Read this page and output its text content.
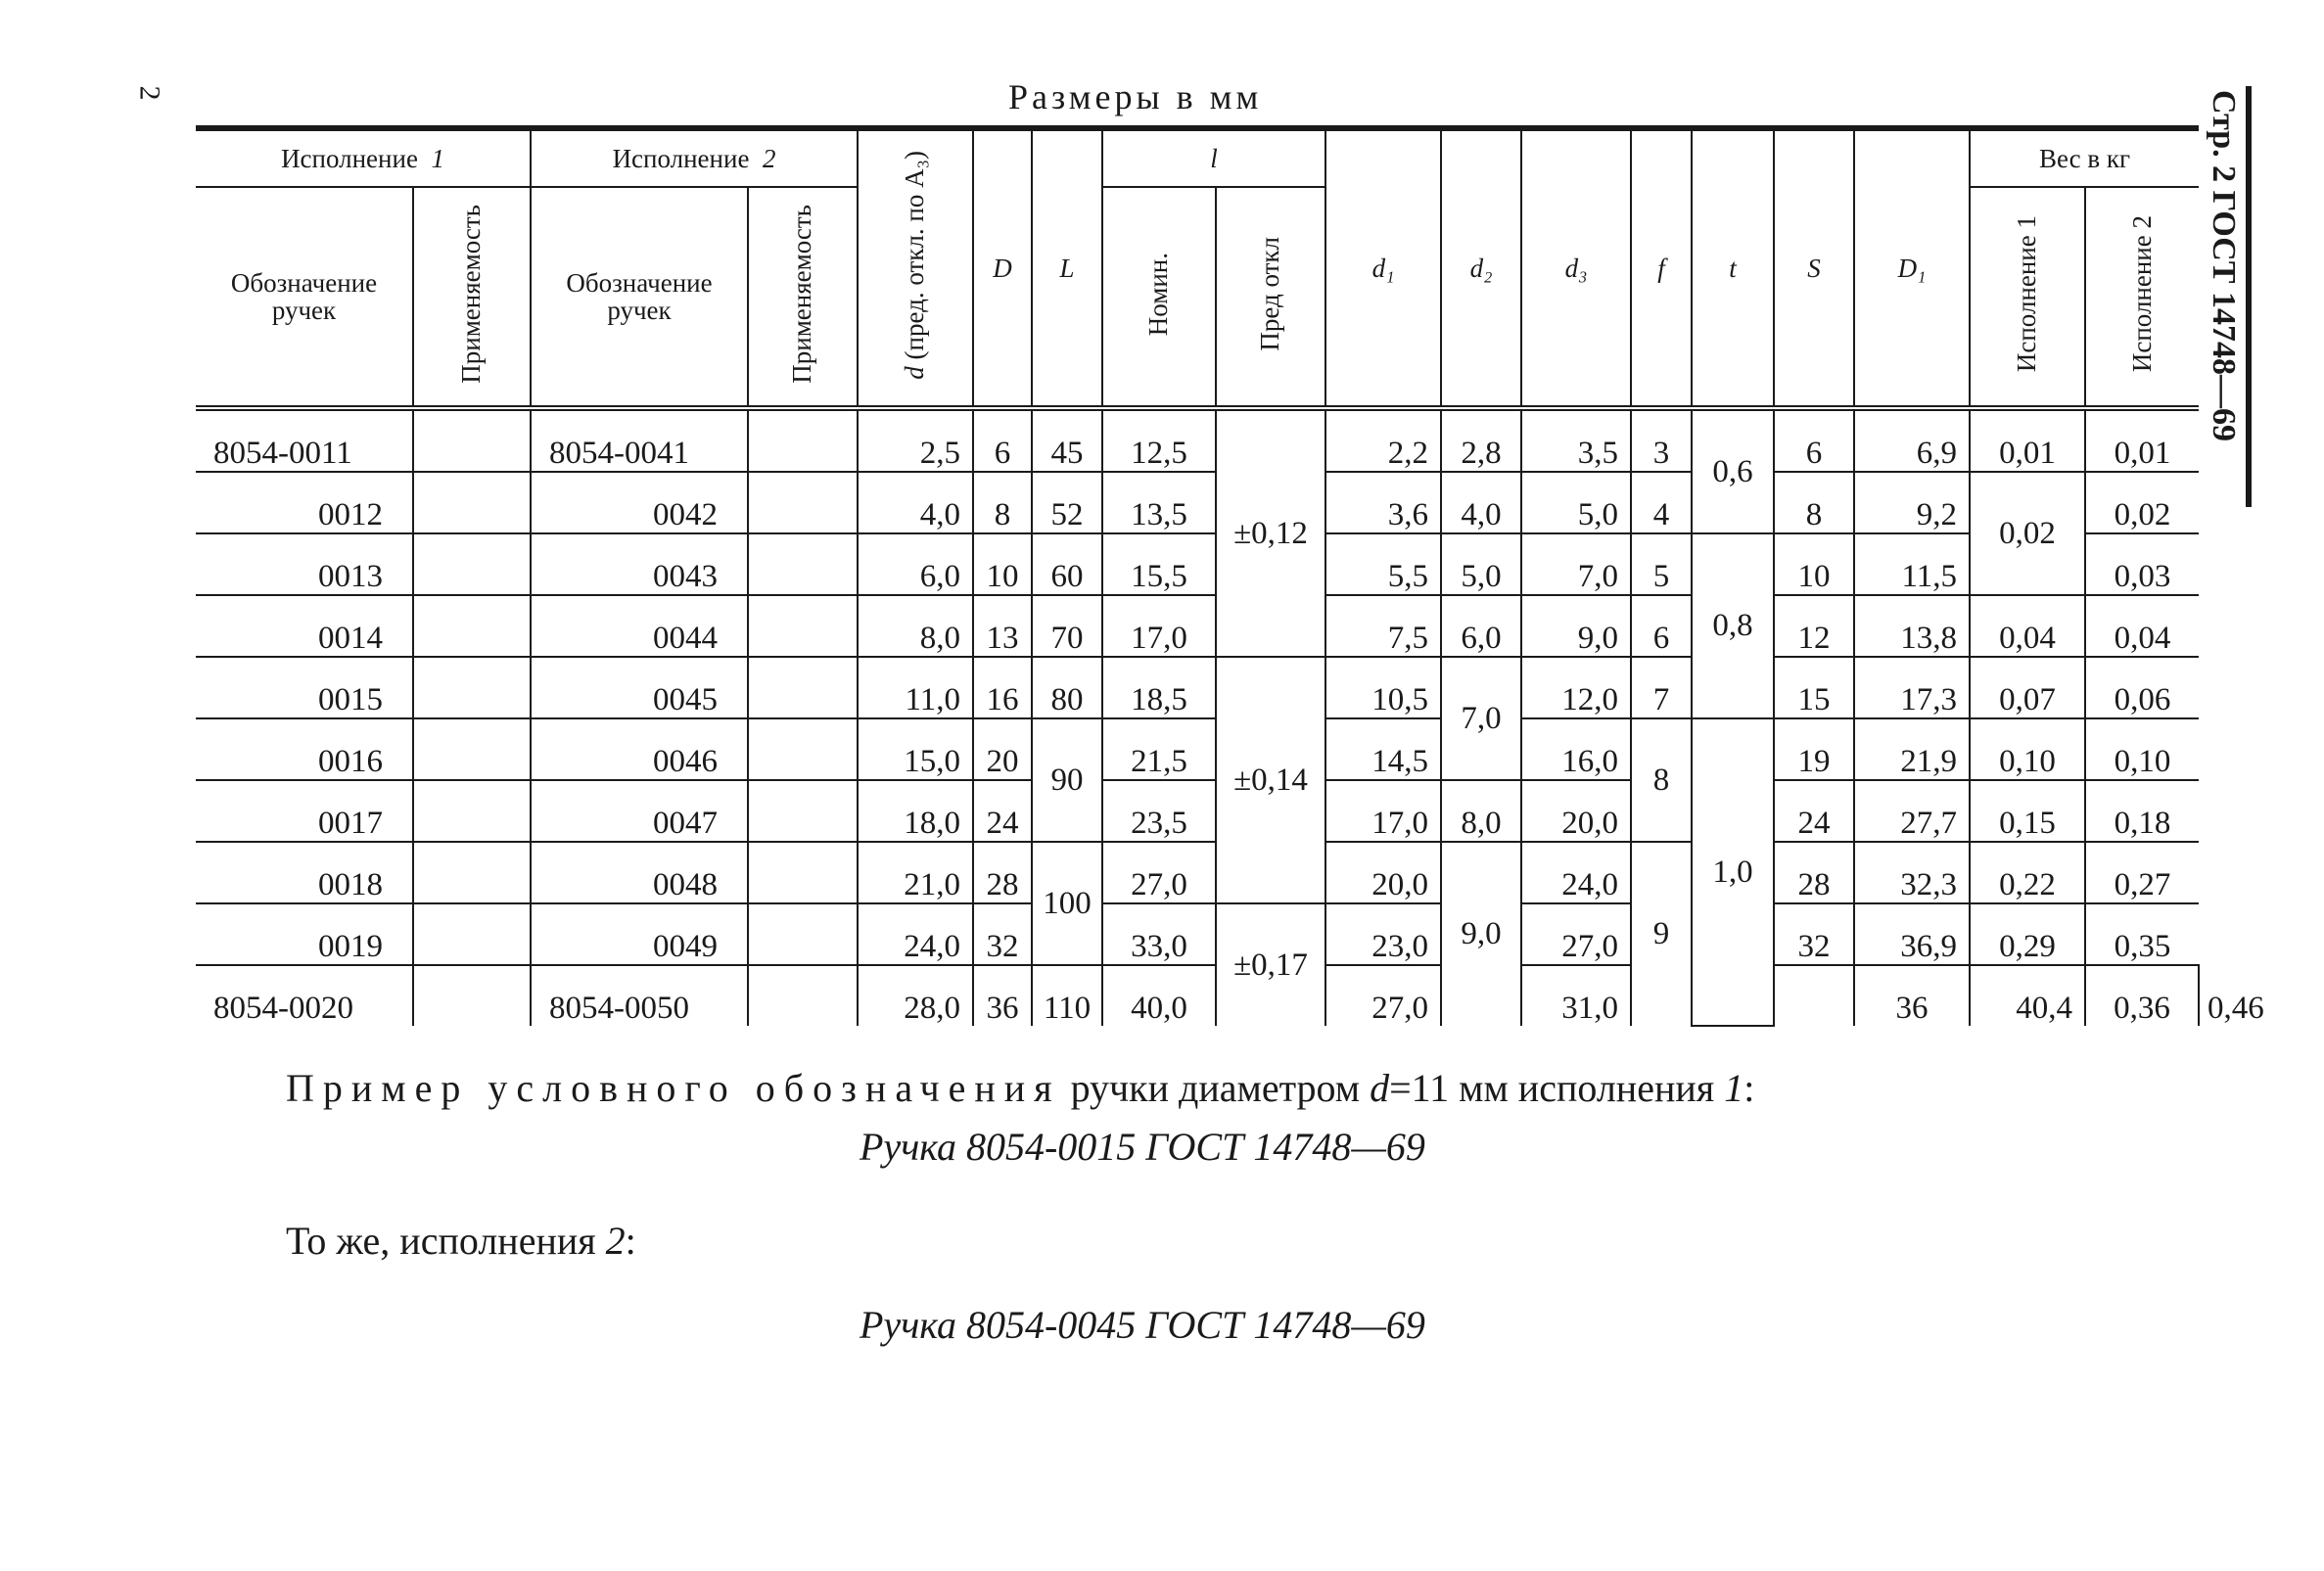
2	Стр. 2 ГОСТ 14748—69
Размеры в мм
Исполнение 1		Исполнение 2		d (пред. откл. по A₃)	D	L	l		d₁	d₂	d₃	f	t	S	D₁	Вес в кг		
Обозначение ручек	Применяемость	Обозначение ручек	Применяемость				Номин.	Пред откл								Исполнение 1	Исполнение 2	
8054-0011		8054-0041		2,5	6	45	12,5	±0,12	2,2	2,8	3,5	3	0,6	6	6,9	0,01	0,01	
0012		0042		4,0	8	52	13,5		3,6	4,0	5,0	4		8	9,2	0,02	0,02	
0013		0043		6,0	10	60	15,5		5,5	5,0	7,0	5	0,8	10	11,5		0,03	
0014		0044		8,0	13	70	17,0		7,5	6,0	9,0	6		12	13,8	0,04	0,04	
0015		0045		11,0	16	80	18,5	±0,14	10,5	7,0	12,0	7		15	17,3	0,07	0,06	
0016		0046		15,0	20	90	21,5		14,5		16,0	8	1,0	19	21,9	0,10	0,10	
0017		0047		18,0	24		23,5		17,0	8,0	20,0			24	27,7	0,15	0,18	
0018		0048		21,0	28	100	27,0		20,0	9,0	24,0	9		28	32,3	0,22	0,27	
0019		0049		24,0	32		33,0	±0,17	23,0		27,0			32	36,9	0,29	0,35	
8054-0020		8054-0050		28,0	36	110	40,0		27,0		31,0				36	40,4	0,36	0,46
Пример условного обозначения ручки диаметром d=11 мм исполнения 1:
Ручка 8054-0015 ГОСТ 14748—69
То же, исполнения 2:
Ручка 8054-0045 ГОСТ 14748—69
